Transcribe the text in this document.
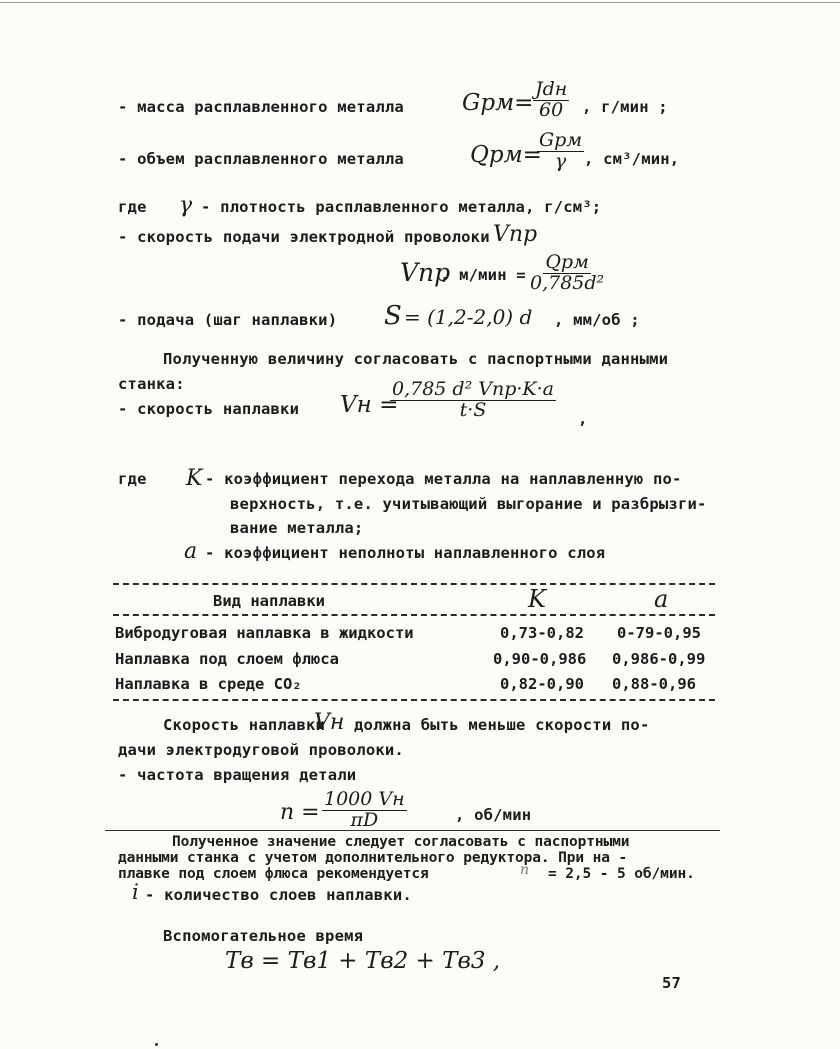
- масса расплавленного металла	Gрм=
Jdн
60 , г/мин ;
- объем расплавленного металла	Qрм=
Gрм
γ , см³/мин,
где γ - плотность расплавленного металла, г/см³;
- скорость подачи электродной проволоки Vпр
Vпр
, м/мин =
Qрм
0,785d²
- подача (шаг наплавки) S = (1,2-2,0) d , мм/об ;
Полученную величину согласовать с паспортными данными
станка:
- скорость наплавки Vн =
0,785 d² Vпр·K·a
t·S	,
где K - коэффициент перехода металла на наплавленную по-
верхность, т.е. учитывающий выгорание и разбрызги-
вание металла;
a - коэффициент неполноты наплавленного слоя
Вид наплавки	K	a
Вибродуговая наплавка в жидкости	0,73-0,82 0-79-0,95
Наплавка под слоем флюса	0,90-0,986 0,986-0,99
Наплавка в среде CO₂	0,82-0,90 0,88-0,96
Скорость наплавки
Vн должна быть меньше скорости по-
дачи электродуговой проволоки.
- частота вращения детали
n =
1000 Vн
πD	, об/мин
Полученное значение следует согласовать с паспортными
данными станка с учетом дополнительного редуктора. При на -
плавке под слоем флюса рекомендуется	n = 2,5 - 5 об/мин.
i - количество слоев наплавки.
Вспомогательное время
Tв = Tв1 + Tв2 + Tв3 ,
57
